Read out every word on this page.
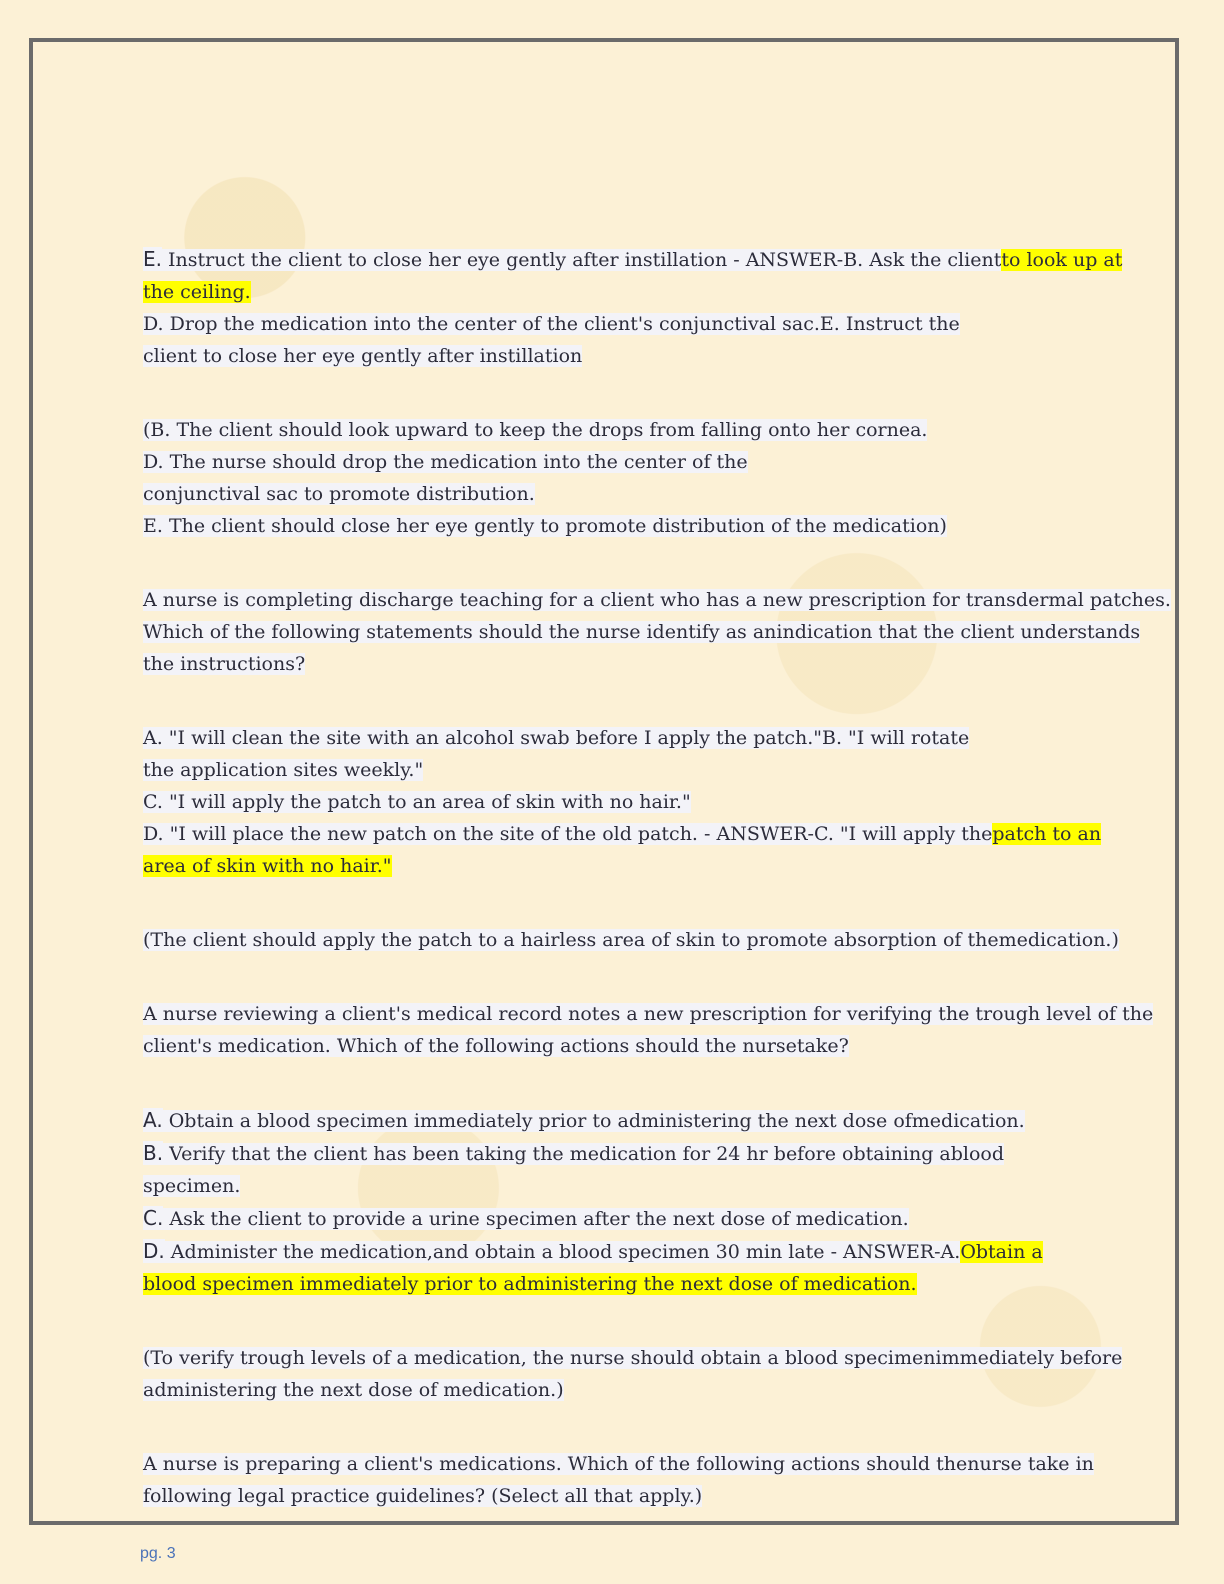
E. Instruct the client to close her eye gently after instillation - ANSWER-B. Ask the clientto look up at
the ceiling.
D. Drop the medication into the center of the client's conjunctival sac.E. Instruct the
client to close her eye gently after instillation
(B. The client should look upward to keep the drops from falling onto her cornea.
D. The nurse should drop the medication into the center of the
conjunctival sac to promote distribution.
E. The client should close her eye gently to promote distribution of the medication)
A nurse is completing discharge teaching for a client who has a new prescription for transdermal patches.
Which of the following statements should the nurse identify as anindication that the client understands
the instructions?
A. "I will clean the site with an alcohol swab before I apply the patch."B. "I will rotate
the application sites weekly."
C. "I will apply the patch to an area of skin with no hair."
D. "I will place the new patch on the site of the old patch. - ANSWER-C. "I will apply thepatch to an
area of skin with no hair."
(The client should apply the patch to a hairless area of skin to promote absorption of themedication.)
A nurse reviewing a client's medical record notes a new prescription for verifying the trough level of the
client's medication. Which of the following actions should the nursetake?
A. Obtain a blood specimen immediately prior to administering the next dose ofmedication.
B. Verify that the client has been taking the medication for 24 hr before obtaining ablood
specimen.
C. Ask the client to provide a urine specimen after the next dose of medication.
D. Administer the medication,and obtain a blood specimen 30 min late - ANSWER-A.Obtain a
blood specimen immediately prior to administering the next dose of medication.
(To verify trough levels of a medication, the nurse should obtain a blood specimenimmediately before
administering the next dose of medication.)
A nurse is preparing a client's medications. Which of the following actions should thenurse take in
following legal practice guidelines? (Select all that apply.)
pg. 3
